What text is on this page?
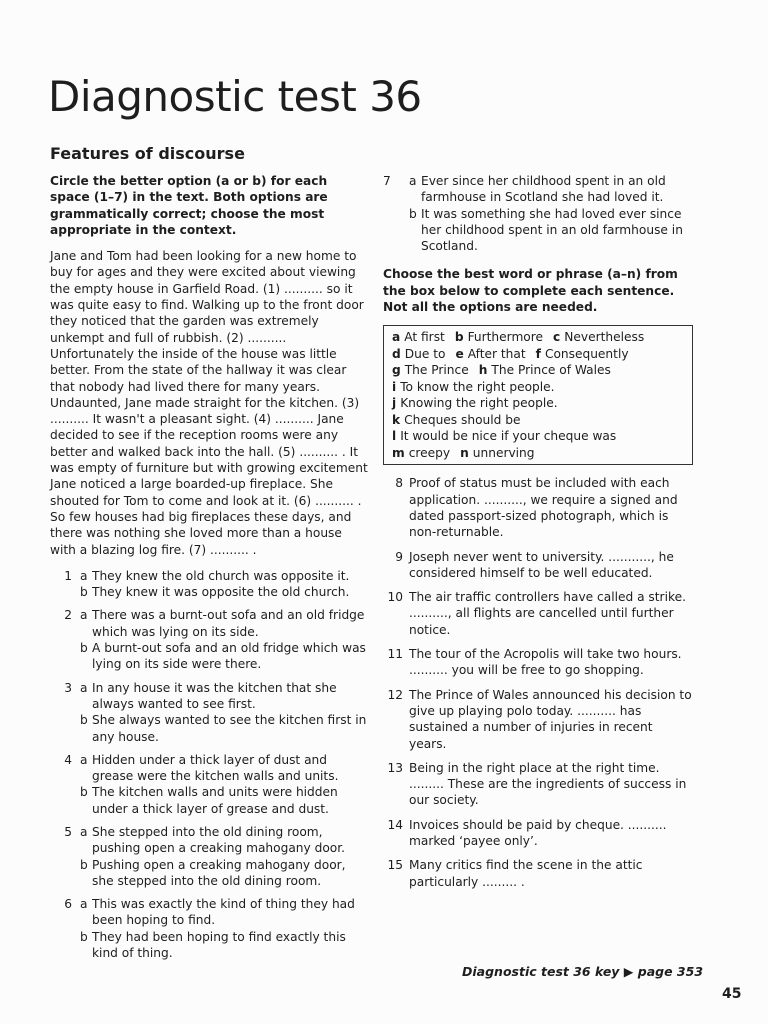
Diagnostic test 36
Features of discourse

Circle the better option (a or b) for each space (1–7) in the text. Both options are grammatically correct; choose the most appropriate in the context.

Jane and Tom had been looking for a new home to buy for ages and they were excited about viewing the empty house in Garfield Road. (1) .......... so it was quite easy to find. Walking up to the front door they noticed that the garden was extremely unkempt and full of rubbish. (2) .......... Unfortunately the inside of the house was little better. From the state of the hallway it was clear that nobody had lived there for many years. Undaunted, Jane made straight for the kitchen. (3) .......... It wasn't a pleasant sight. (4) .......... Jane decided to see if the reception rooms were any better and walked back into the hall. (5) .......... . It was empty of furniture but with growing excitement Jane noticed a large boarded-up fireplace. She shouted for Tom to come and look at it. (6) .......... . So few houses had big fireplaces these days, and there was nothing she loved more than a house with a blazing log fire. (7) .......... .

1 a They knew the old church was opposite it.
b They knew it was opposite the old church.
2 a There was a burnt-out sofa and an old fridge which was lying on its side.
b A burnt-out sofa and an old fridge which was lying on its side were there.
3 a In any house it was the kitchen that she always wanted to see first.
b She always wanted to see the kitchen first in any house.
4 a Hidden under a thick layer of dust and grease were the kitchen walls and units.
b The kitchen walls and units were hidden under a thick layer of grease and dust.
5 a She stepped into the old dining room, pushing open a creaking mahogany door.
b Pushing open a creaking mahogany door, she stepped into the old dining room.
6 a This was exactly the kind of thing they had been hoping to find.
b They had been hoping to find exactly this kind of thing.
7	a Ever since her childhood spent in an old farmhouse in Scotland she had loved it.
b It was something she had loved ever since her childhood spent in an old farmhouse in Scotland.

Choose the best word or phrase (a–n) from the box below to complete each sentence. Not all the options are needed.

a At first b Furthermore c Nevertheless
d Due to e After that f Consequently
g The Prince h The Prince of Wales
i To know the right people.
j Knowing the right people.
k Cheques should be
l It would be nice if your cheque was
m creepy n unnerving
8 Proof of status must be included with each application. .........., we require a signed and dated passport-sized photograph, which is non-returnable.
9 Joseph never went to university. ..........., he considered himself to be well educated.
10 The air traffic controllers have called a strike. .........., all flights are cancelled until further notice.
11 The tour of the Acropolis will take two hours. .......... you will be free to go shopping.
12 The Prince of Wales announced his decision to give up playing polo today. .......... has sustained a number of injuries in recent years.
13 Being in the right place at the right time. ......... These are the ingredients of success in our society.
14 Invoices should be paid by cheque. .......... marked ‘payee only’.
15 Many critics find the scene in the attic particularly ......... .
Diagnostic test 36 key ▶ page 353
45
